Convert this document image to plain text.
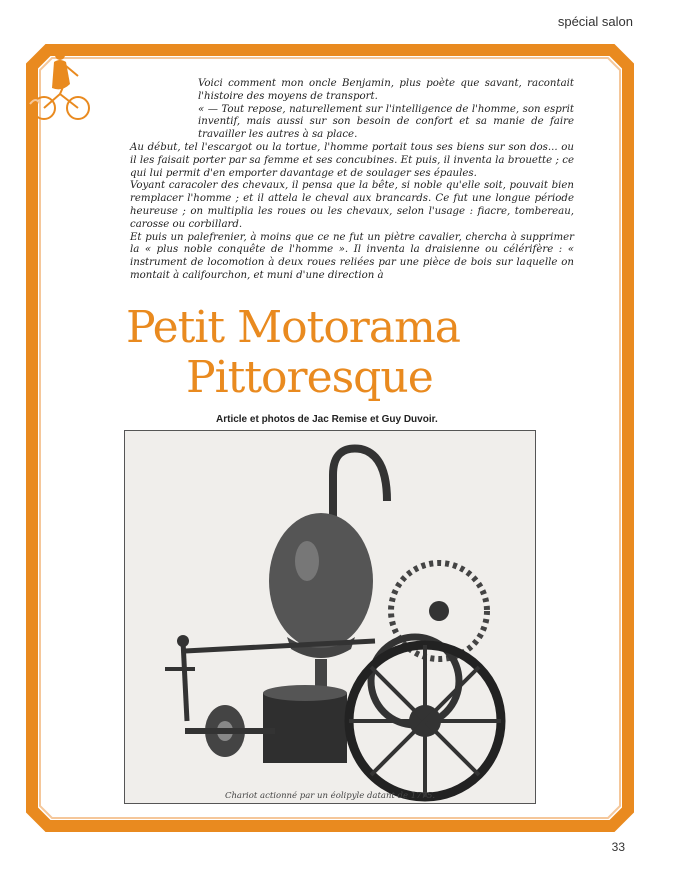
spécial salon

Voici comment mon oncle Benjamin, plus poète que savant, racontait l'histoire des moyens de transport.

« — Tout repose, naturellement sur l'intelligence de l'homme, son esprit inventif, mais aussi sur son besoin de confort et sa manie de faire travailler les autres à sa place.

Au début, tel l'escargot ou la tortue, l'homme portait tous ses biens sur son dos... ou il les faisait porter par sa femme et ses concubines. Et puis, il inventa la brouette ; ce qui lui permit d'en emporter davantage et de soulager ses épaules.

Voyant caracoler des chevaux, il pensa que la bête, si noble qu'elle soit, pouvait bien remplacer l'homme ; et il attela le cheval aux brancards. Ce fut une longue période heureuse ; on multiplia les roues ou les chevaux, selon l'usage : fiacre, tombereau, carosse ou corbillard.

Et puis un palefrenier, à moins que ce ne fut un piètre cavalier, chercha à supprimer la « plus noble conquête de l'homme ». Il inventa la draisienne ou célérifère : « instrument de locomotion à deux roues reliées par une pièce de bois sur laquelle on montait à califourchon, et muni d'une direction à

Petit Motorama
Pittoresque
Article et photos de Jac Remise et Guy Duvoir.
Chariot actionné par un éolipyle datant de 1775.
33
